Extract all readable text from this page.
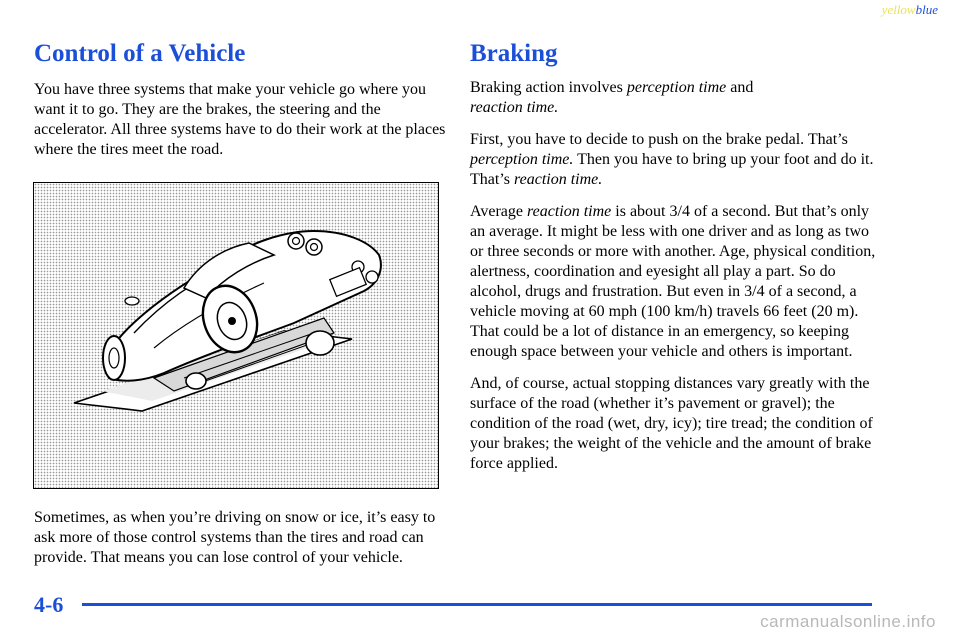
yellowblue
Control of a Vehicle	Braking

You have three systems that make your vehicle go where you want it to go. They are the brakes, the steering and the accelerator. All three systems have to do their work at the places where the tires meet the road.

Sometimes, as when you’re driving on snow or ice, it’s easy to ask more of those control systems than the tires and road can provide. That means you can lose control of your vehicle.

Braking action involves perception time and
reaction time.

First, you have to decide to push on the brake pedal. That’s perception time. Then you have to bring up your foot and do it. That’s reaction time.

Average reaction time is about 3/4 of a second. But that’s only an average. It might be less with one driver and as long as two or three seconds or more with another. Age, physical condition, alertness, coordination and eyesight all play a part. So do alcohol, drugs and frustration. But even in 3/4 of a second, a vehicle moving at 60 mph (100 km/h) travels 66 feet (20 m). That could be a lot of distance in an emergency, so keeping enough space between your vehicle and others is important.

And, of course, actual stopping distances vary greatly with the surface of the road (whether it’s pavement or gravel); the condition of the road (wet, dry, icy); tire tread; the condition of your brakes; the weight of the vehicle and the amount of brake force applied.

4-6
carmanualsonline.info
